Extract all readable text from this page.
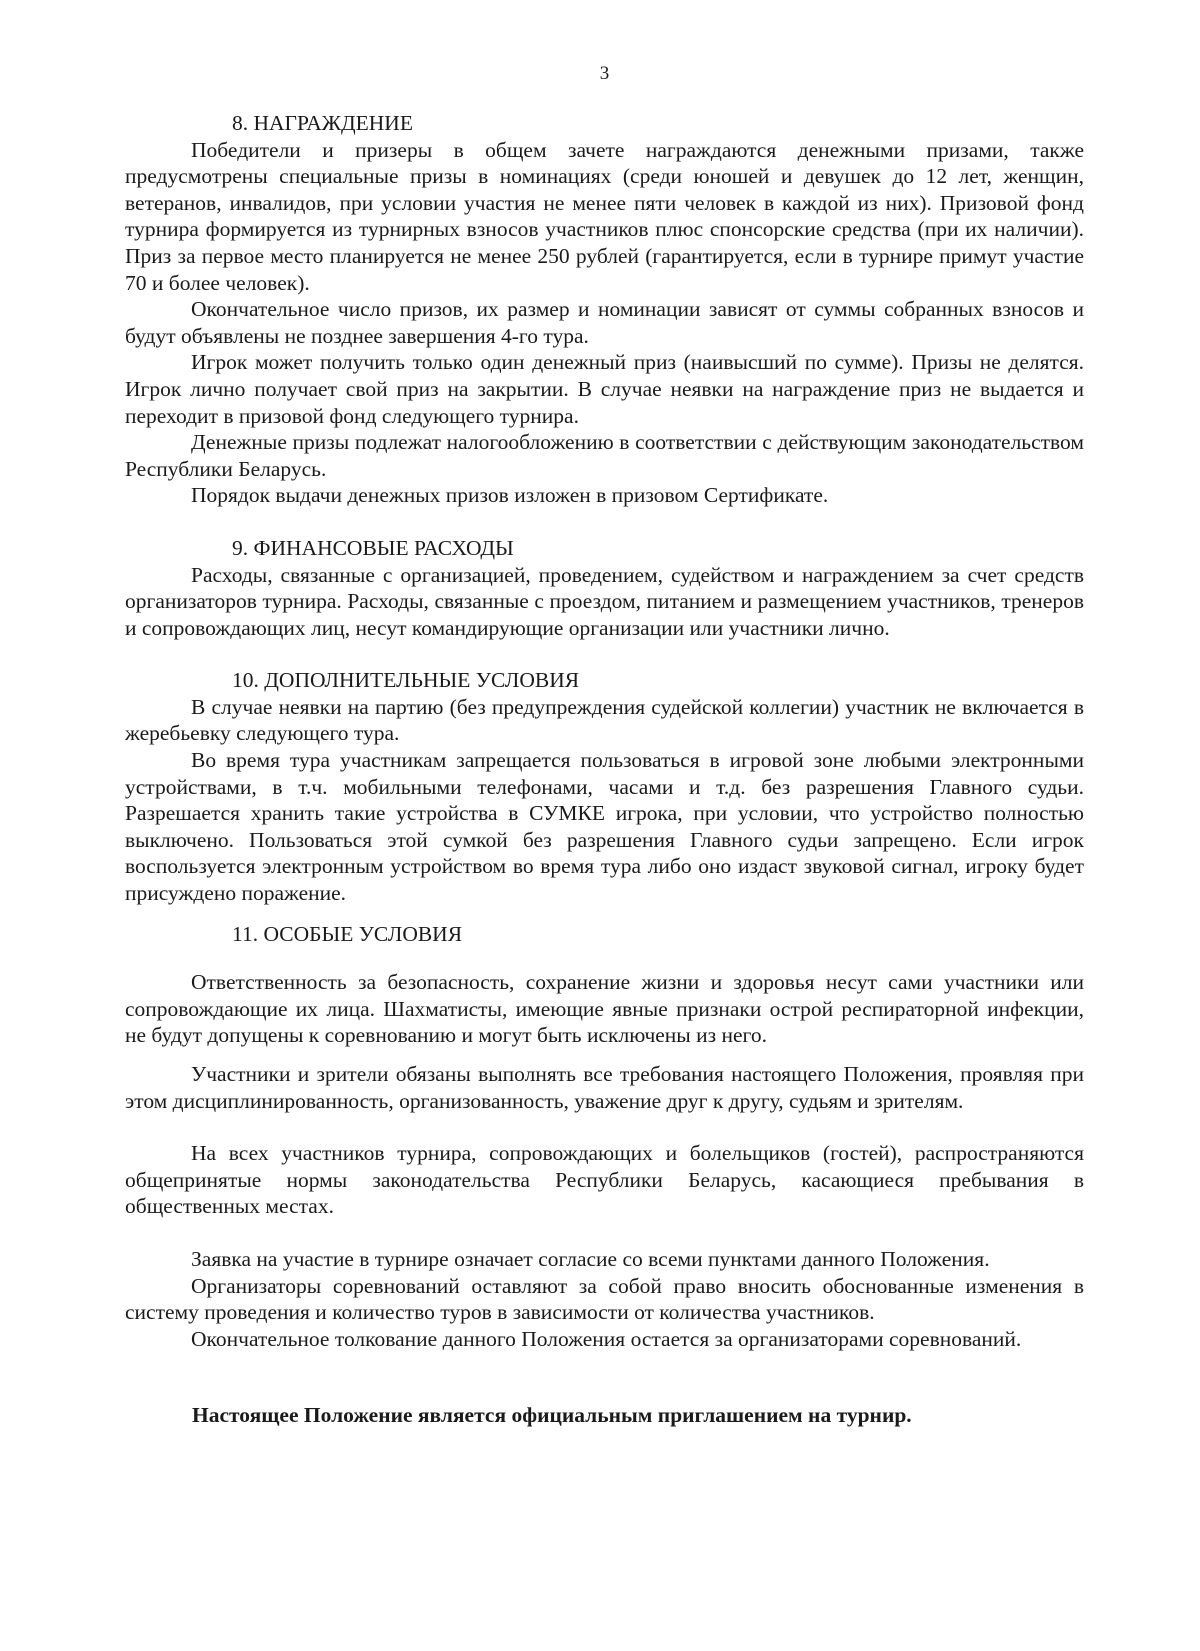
3

8. НАГРАЖДЕНИЕ

Победители и призеры в общем зачете награждаются денежными призами, также предусмотрены специальные призы в номинациях (среди юношей и девушек до 12 лет, женщин, ветеранов, инвалидов, при условии участия не менее пяти человек в каждой из них). Призовой фонд турнира формируется из турнирных взносов участников плюс спонсорские средства (при их наличии). Приз за первое место планируется не менее 250 рублей (гарантируется, если в турнире примут участие 70 и более человек).

Окончательное число призов, их размер и номинации зависят от суммы собранных взносов и будут объявлены не позднее завершения 4-го тура.

Игрок может получить только один денежный приз (наивысший по сумме). Призы не делятся. Игрок лично получает свой приз на закрытии. В случае неявки на награждение приз не выдается и переходит в призовой фонд следующего турнира.

Денежные призы подлежат налогообложению в соответствии с действующим законодательством Республики Беларусь.

Порядок выдачи денежных призов изложен в призовом Сертификате.

9. ФИНАНСОВЫЕ РАСХОДЫ

Расходы, связанные с организацией, проведением, судейством и награждением за счет средств организаторов турнира. Расходы, связанные с проездом, питанием и размещением участников, тренеров и сопровождающих лиц, несут командирующие организации или участники лично.

10. ДОПОЛНИТЕЛЬНЫЕ УСЛОВИЯ

В случае неявки на партию (без предупреждения судейской коллегии) участник не включается в жеребьевку следующего тура.

Во время тура участникам запрещается пользоваться в игровой зоне любыми электронными устройствами, в т.ч. мобильными телефонами, часами и т.д. без разрешения Главного судьи. Разрешается хранить такие устройства в СУМКЕ игрока, при условии, что устройство полностью выключено. Пользоваться этой сумкой без разрешения Главного судьи запрещено. Если игрок воспользуется электронным устройством во время тура либо оно издаст звуковой сигнал, игроку будет присуждено поражение.

11. ОСОБЫЕ УСЛОВИЯ

Ответственность за безопасность, сохранение жизни и здоровья несут сами участники или сопровождающие их лица. Шахматисты, имеющие явные признаки острой респираторной инфекции, не будут допущены к соревнованию и могут быть исключены из него.

Участники и зрители обязаны выполнять все требования настоящего Положения, проявляя при этом дисциплинированность, организованность, уважение друг к другу, судьям и зрителям.

На всех участников турнира, сопровождающих и болельщиков (гостей), распространяются общепринятые нормы законодательства Республики Беларусь, касающиеся пребывания в общественных местах.

Заявка на участие в турнире означает согласие со всеми пунктами данного Положения.

Организаторы соревнований оставляют за собой право вносить обоснованные изменения в систему проведения и количество туров в зависимости от количества участников.

Окончательное толкование данного Положения остается за организаторами соревнований.

Настоящее Положение является официальным приглашением на турнир.
